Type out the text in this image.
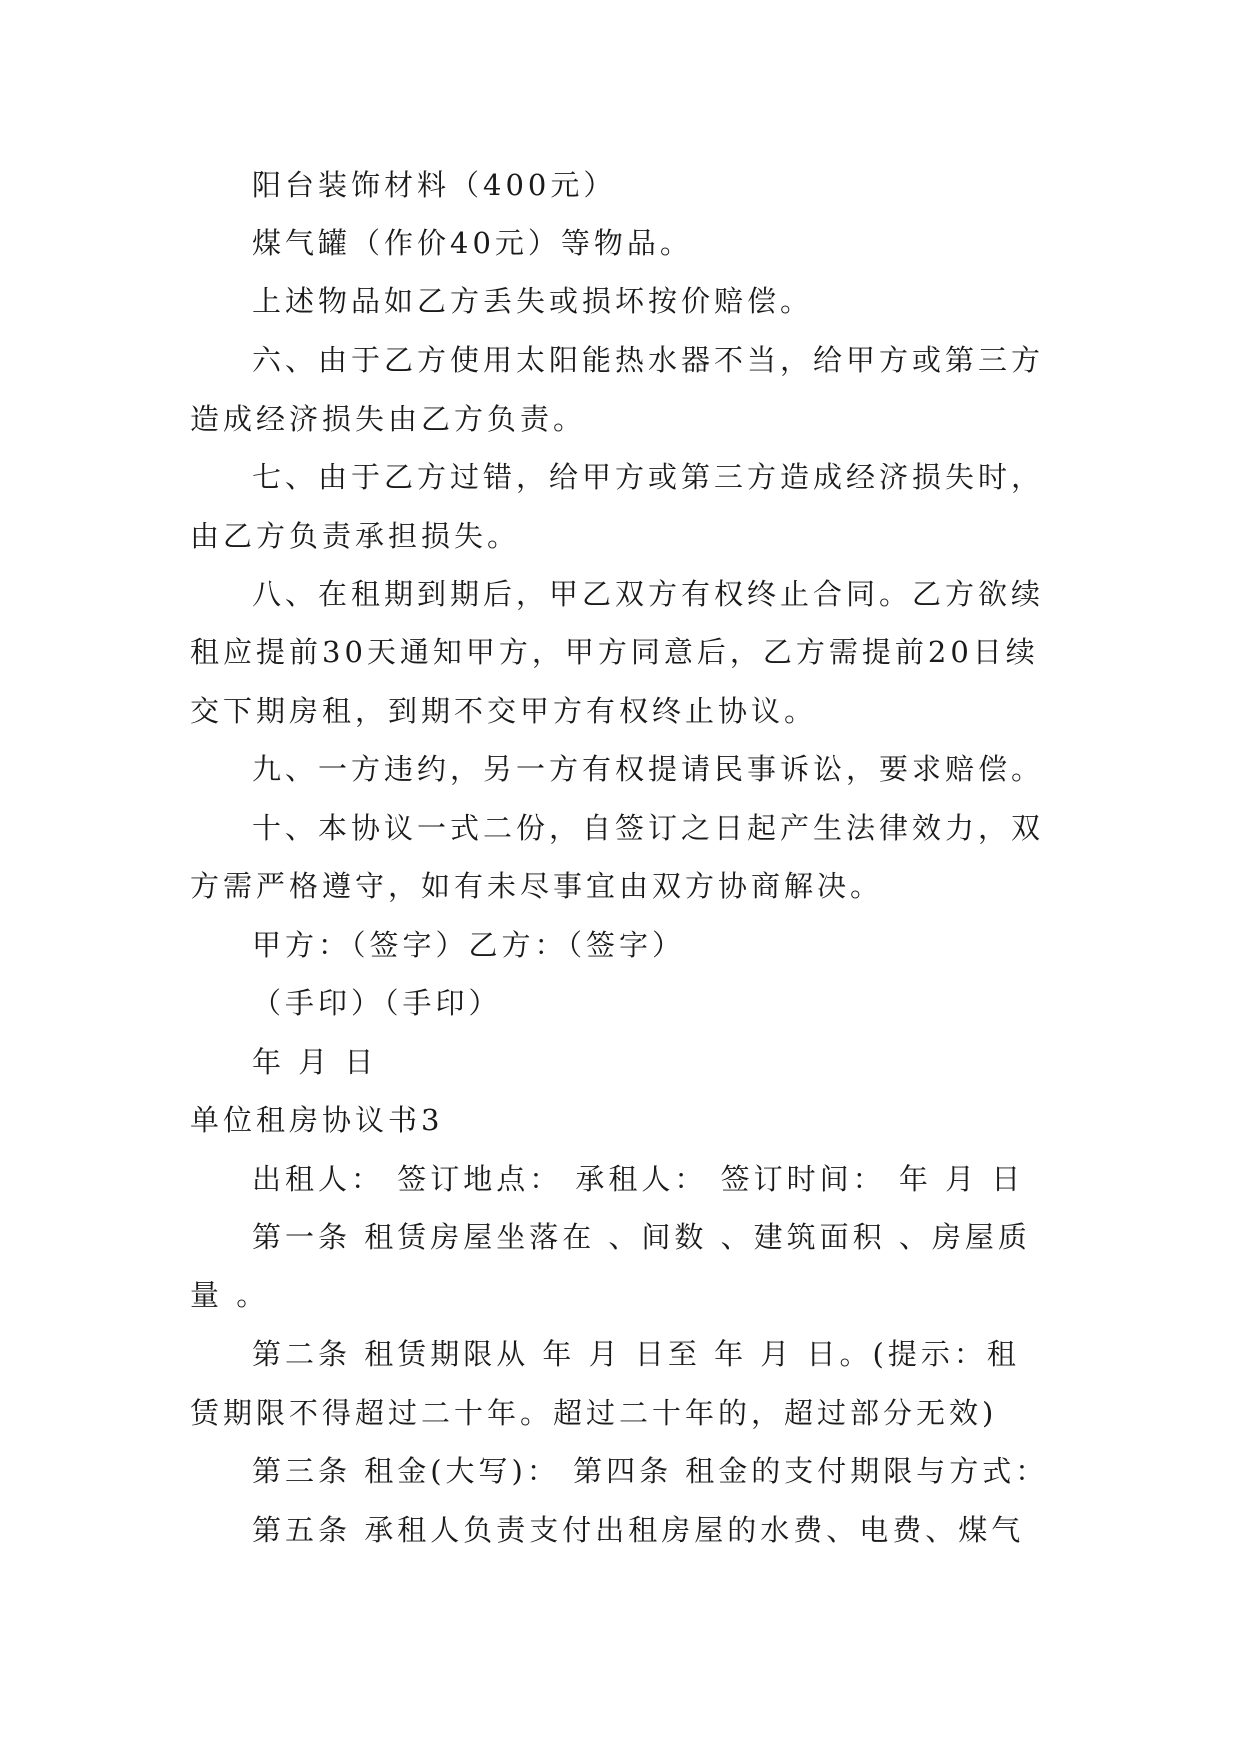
阳台装饰材料（400元）
煤气罐（作价40元）等物品。
上述物品如乙方丢失或损坏按价赔偿。
六、由于乙方使用太阳能热水器不当，给甲方或第三方
造成经济损失由乙方负责。
七、由于乙方过错，给甲方或第三方造成经济损失时，
由乙方负责承担损失。
八、在租期到期后，甲乙双方有权终止合同。乙方欲续
租应提前30天通知甲方，甲方同意后，乙方需提前20日续
交下期房租，到期不交甲方有权终止协议。
九、一方违约，另一方有权提请民事诉讼，要求赔偿。
十、本协议一式二份，自签订之日起产生法律效力，双
方需严格遵守，如有未尽事宜由双方协商解决。
甲方：（签字）乙方：（签字）
（手印）（手印）
年 月 日
单位租房协议书3
出租人： 签订地点： 承租人： 签订时间： 年 月 日
第一条 租赁房屋坐落在 、间数 、建筑面积 、房屋质
量 。
第二条 租赁期限从 年 月 日至 年 月 日。(提示：租
赁期限不得超过二十年。超过二十年的，超过部分无效)
第三条 租金(大写)： 第四条 租金的支付期限与方式：
第五条 承租人负责支付出租房屋的水费、电费、煤气
